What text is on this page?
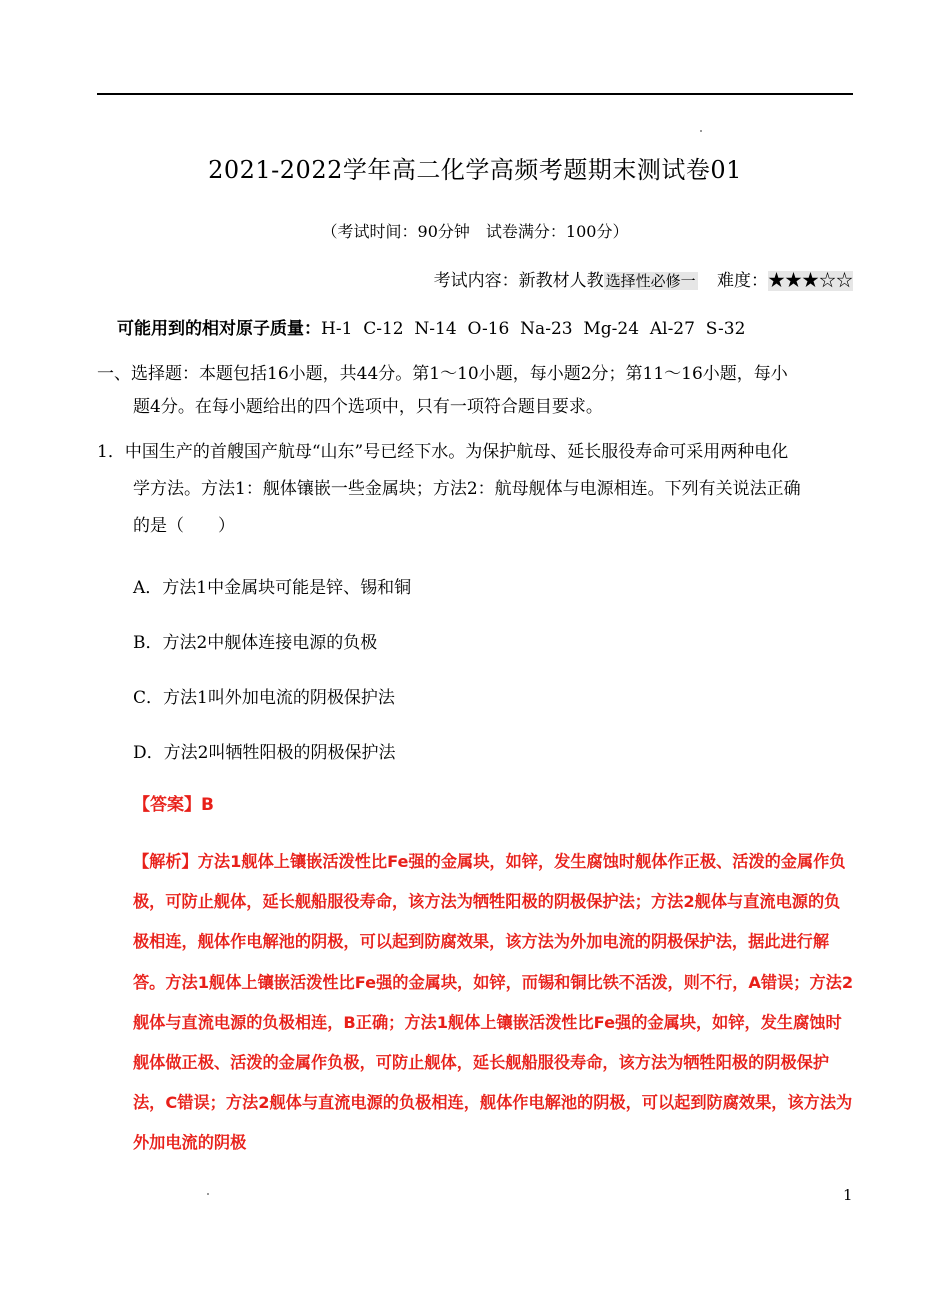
2021-2022学年高二化学高频考题期末测试卷01
（考试时间：90分钟　试卷满分：100分）
考试内容：新教材人教 选择性必修一 难度：★★★☆☆
可能用到的相对原子质量：H-1  C-12  N-14  O-16  Na-23  Mg-24  Al-27  S-32
一、选择题：本题包括16小题，共44分。第1～10小题，每小题2分；第11～16小题，每小
题4分。在每小题给出的四个选项中，只有一项符合题目要求。
1．中国生产的首艘国产航母“山东”号已经下水。为保护航母、延长服役寿命可采用两种电化
学方法。方法1：舰体镶嵌一些金属块；方法2：航母舰体与电源相连。下列有关说法正确
的是（　　）
A．方法1中金属块可能是锌、锡和铜
B．方法2中舰体连接电源的负极
C．方法1叫外加电流的阴极保护法
D．方法2叫牺牲阳极的阴极保护法
【答案】B
【解析】方法1舰体上镶嵌活泼性比Fe强的金属块，如锌，发生腐蚀时舰体作正极、活泼的金属作负极，可防止舰体，延长舰船服役寿命，该方法为牺牲阳极的阴极保护法；方法2舰体与直流电源的负极相连，舰体作电解池的阴极，可以起到防腐效果，该方法为外加电流的阴极保护法，据此进行解答。方法1舰体上镶嵌活泼性比Fe强的金属块，如锌，而锡和铜比铁不活泼，则不行，A错误；方法2舰体与直流电源的负极相连，B正确；方法1舰体上镶嵌活泼性比Fe强的金属块，如锌，发生腐蚀时舰体做正极、活泼的金属作负极，可防止舰体，延长舰船服役寿命，该方法为牺牲阳极的阴极保护法，C错误；方法2舰体与直流电源的负极相连，舰体作电解池的阴极，可以起到防腐效果，该方法为外加电流的阴极
1
